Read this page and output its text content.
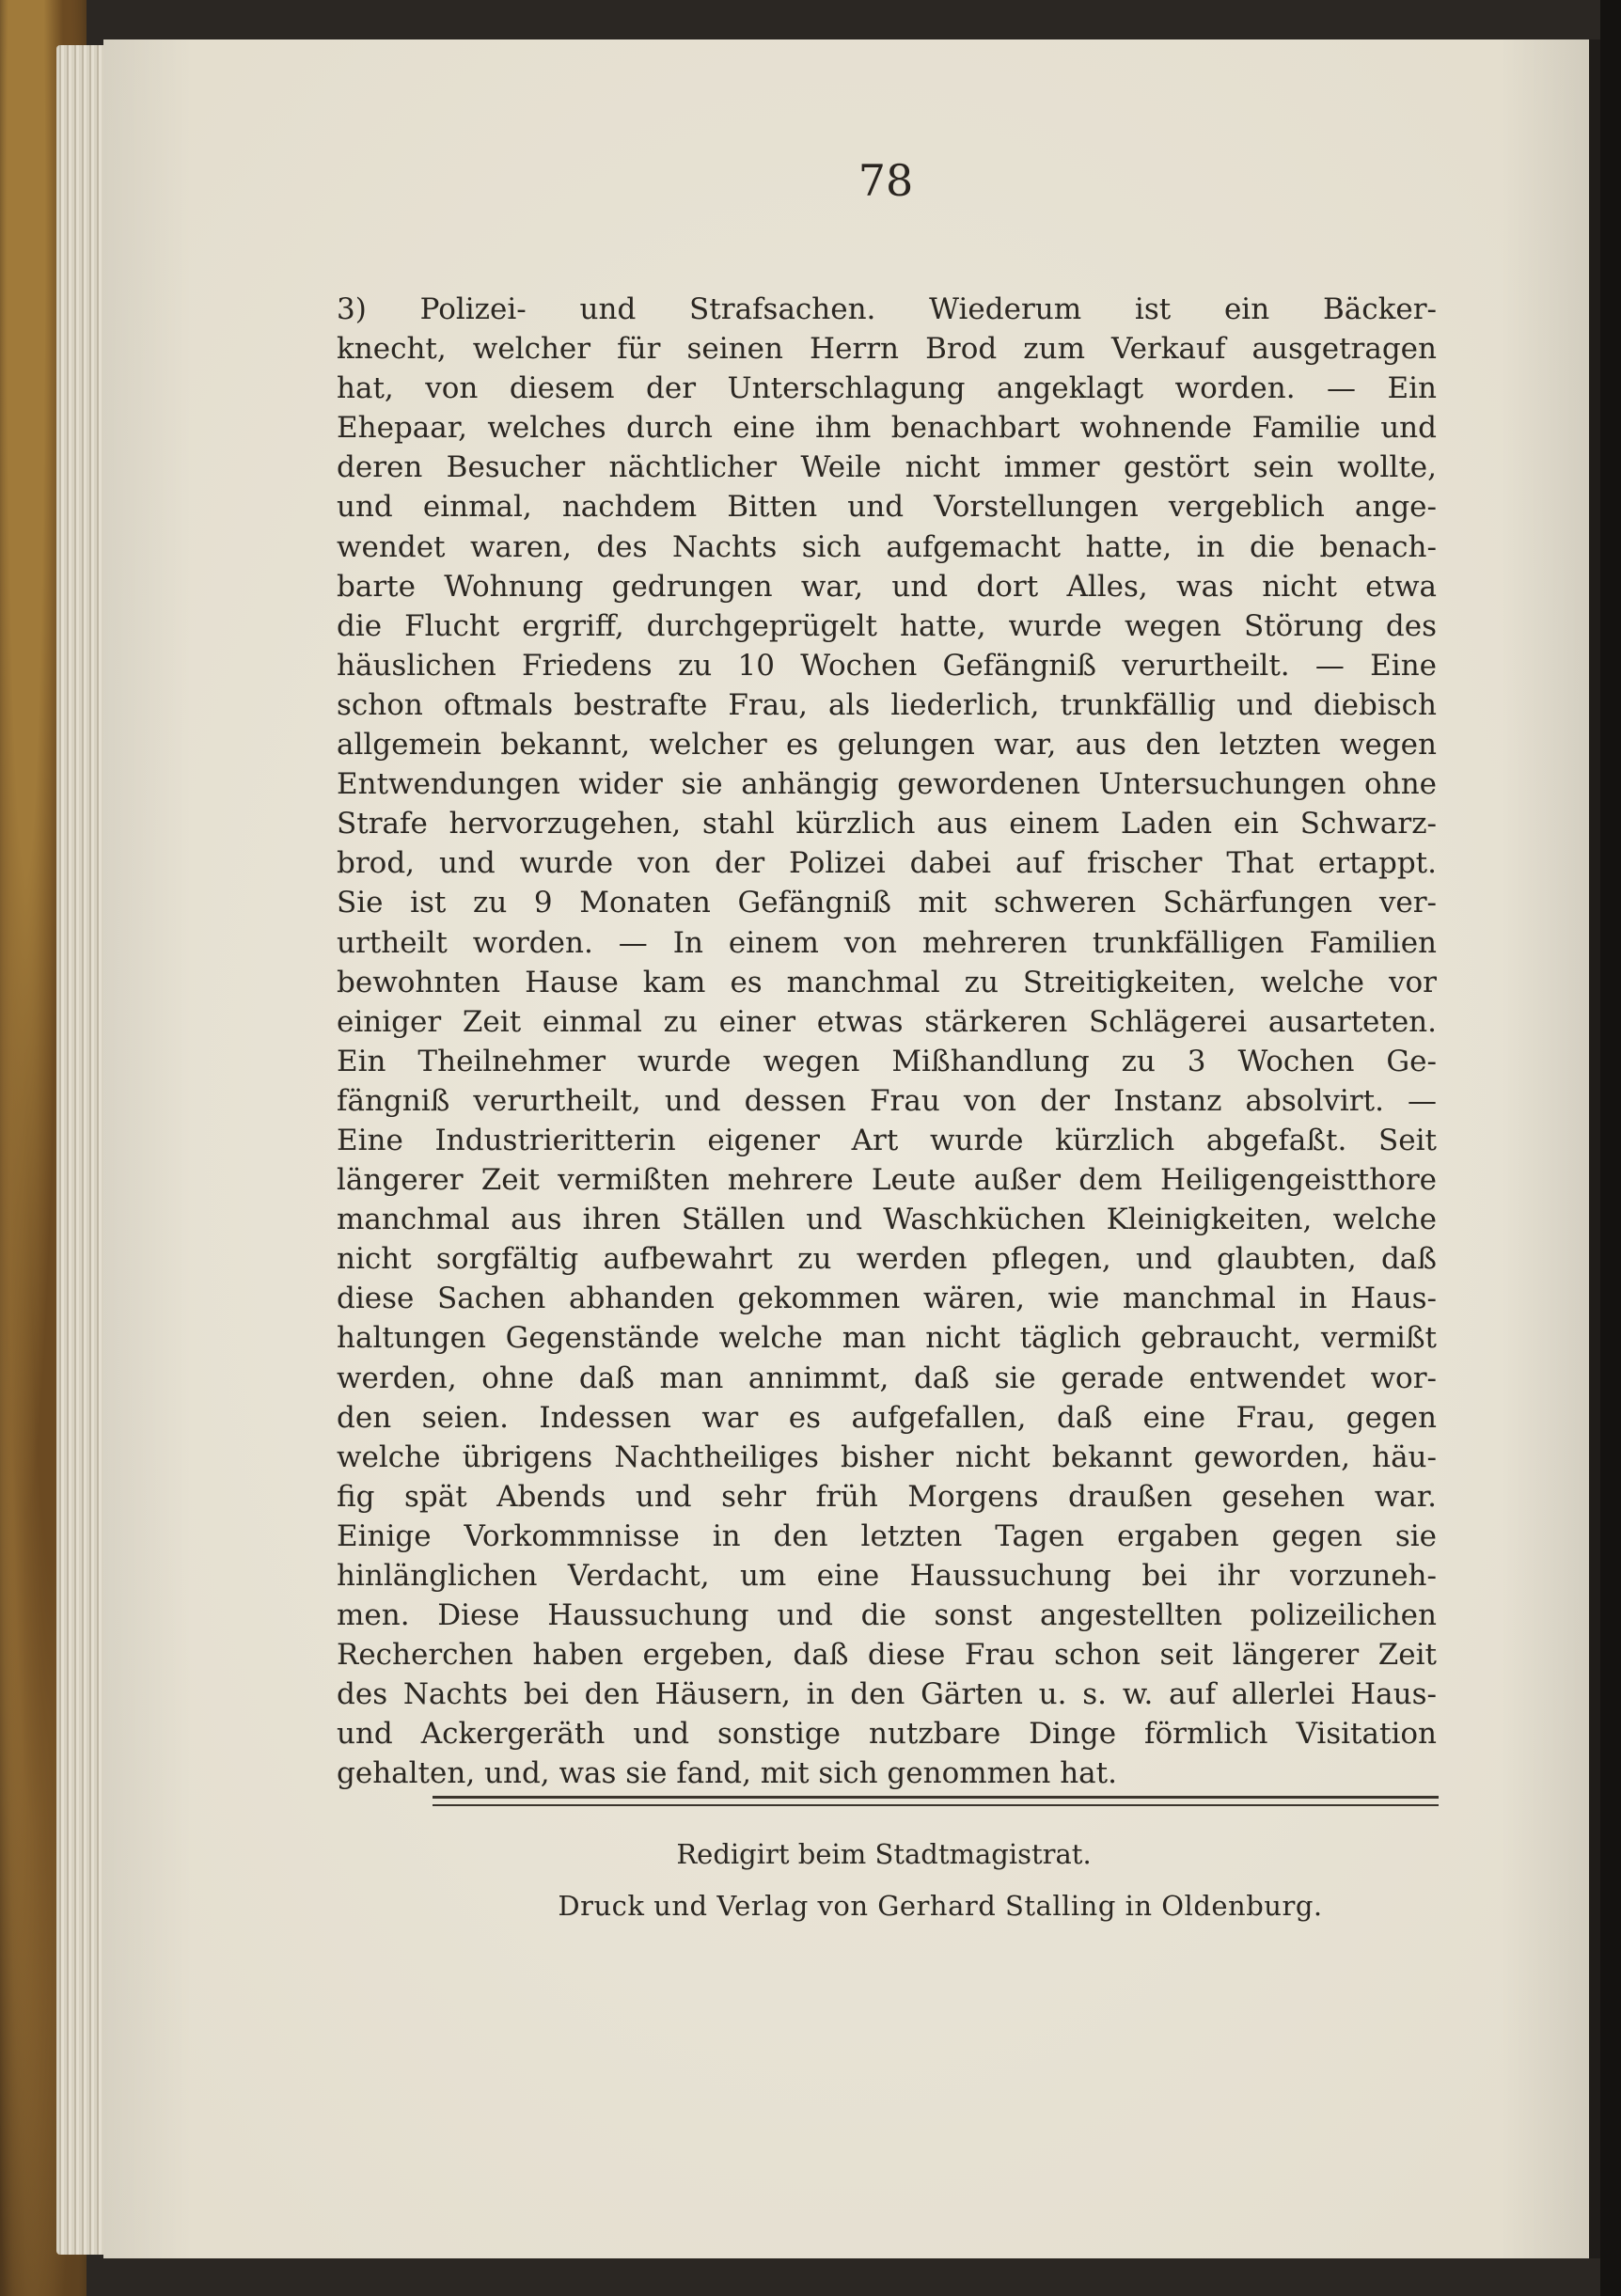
78
3) Polizei- und Strafsachen. Wiederum ist ein Bäcker-
knecht, welcher für seinen Herrn Brod zum Verkauf ausgetragen
hat, von diesem der Unterschlagung angeklagt worden. — Ein
Ehepaar, welches durch eine ihm benachbart wohnende Familie und
deren Besucher nächtlicher Weile nicht immer gestört sein wollte,
und einmal, nachdem Bitten und Vorstellungen vergeblich ange-
wendet waren, des Nachts sich aufgemacht hatte, in die benach-
barte Wohnung gedrungen war, und dort Alles, was nicht etwa
die Flucht ergriff, durchgeprügelt hatte, wurde wegen Störung des
häuslichen Friedens zu 10 Wochen Gefängniß verurtheilt. — Eine
schon oftmals bestrafte Frau, als liederlich, trunkfällig und diebisch
allgemein bekannt, welcher es gelungen war, aus den letzten wegen
Entwendungen wider sie anhängig gewordenen Untersuchungen ohne
Strafe hervorzugehen, stahl kürzlich aus einem Laden ein Schwarz-
brod, und wurde von der Polizei dabei auf frischer That ertappt.
Sie ist zu 9 Monaten Gefängniß mit schweren Schärfungen ver-
urtheilt worden. — In einem von mehreren trunkfälligen Familien
bewohnten Hause kam es manchmal zu Streitigkeiten, welche vor
einiger Zeit einmal zu einer etwas stärkeren Schlägerei ausarteten.
Ein Theilnehmer wurde wegen Mißhandlung zu 3 Wochen Ge-
fängniß verurtheilt, und dessen Frau von der Instanz absolvirt. —
Eine Industrieritterin eigener Art wurde kürzlich abgefaßt. Seit
längerer Zeit vermißten mehrere Leute außer dem Heiligengeistthore
manchmal aus ihren Ställen und Waschküchen Kleinigkeiten, welche
nicht sorgfältig aufbewahrt zu werden pflegen, und glaubten, daß
diese Sachen abhanden gekommen wären, wie manchmal in Haus-
haltungen Gegenstände welche man nicht täglich gebraucht, vermißt
werden, ohne daß man annimmt, daß sie gerade entwendet wor-
den seien. Indessen war es aufgefallen, daß eine Frau, gegen
welche übrigens Nachtheiliges bisher nicht bekannt geworden, häu-
fig spät Abends und sehr früh Morgens draußen gesehen war.
Einige Vorkommnisse in den letzten Tagen ergaben gegen sie
hinlänglichen Verdacht, um eine Haussuchung bei ihr vorzuneh-
men. Diese Haussuchung und die sonst angestellten polizeilichen
Recherchen haben ergeben, daß diese Frau schon seit längerer Zeit
des Nachts bei den Häusern, in den Gärten u. s. w. auf allerlei Haus-
und Ackergeräth und sonstige nutzbare Dinge förmlich Visitation
gehalten, und, was sie fand, mit sich genommen hat.
Redigirt beim Stadtmagistrat.
Druck und Verlag von Gerhard Stalling in Oldenburg.
